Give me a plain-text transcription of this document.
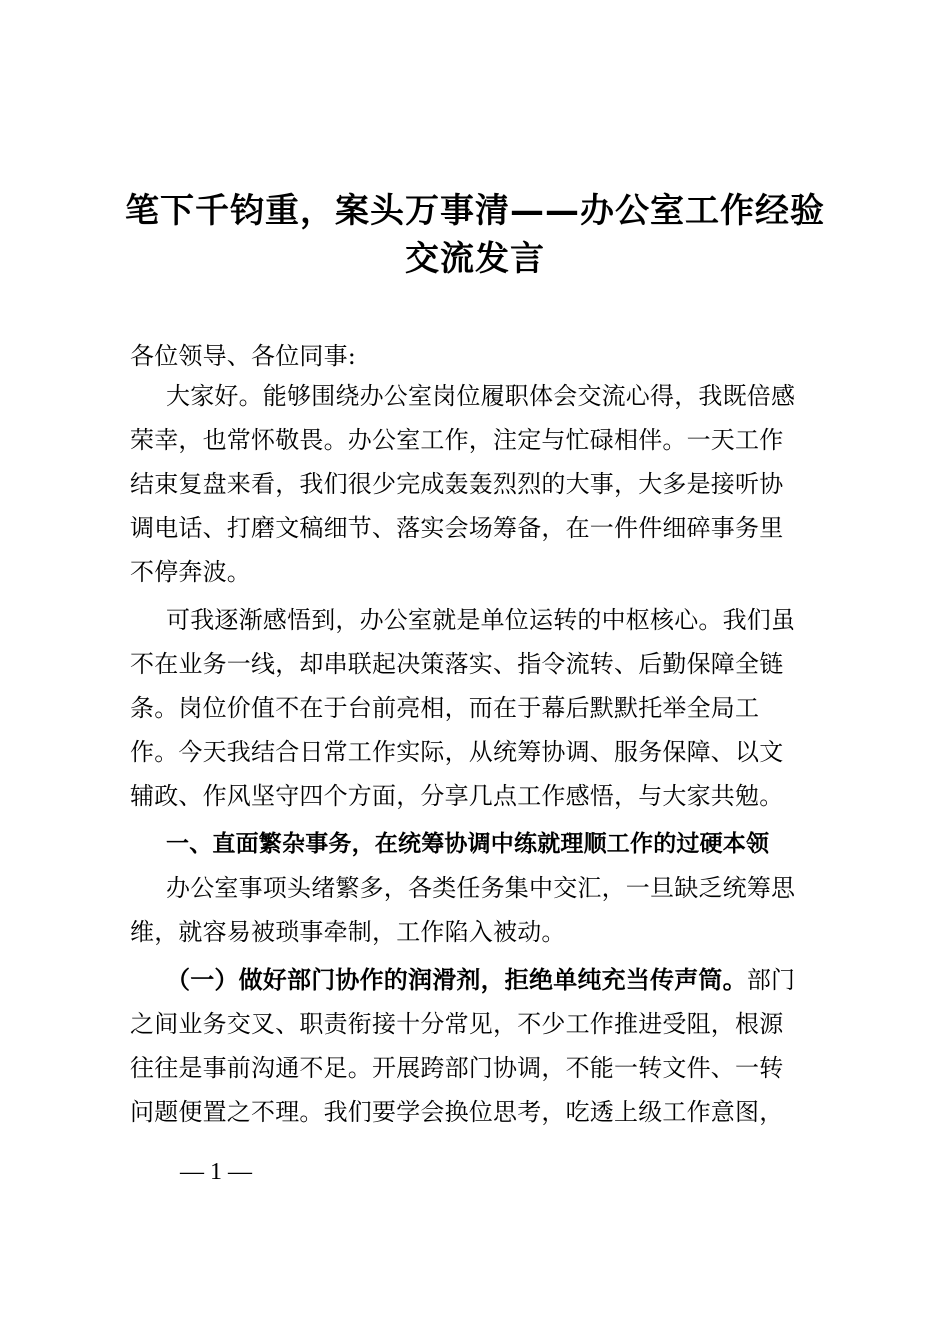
笔下千钧重，案头万事清——办公室工作经验
交流发言

各位领导、各位同事:

大家好。能够围绕办公室岗位履职体会交流心得，我既倍感

荣幸，也常怀敬畏。办公室工作，注定与忙碌相伴。一天工作

结束复盘来看，我们很少完成轰轰烈烈的大事，大多是接听协

调电话、打磨文稿细节、落实会场筹备，在一件件细碎事务里

不停奔波。

可我逐渐感悟到，办公室就是单位运转的中枢核心。我们虽

不在业务一线，却串联起决策落实、指令流转、后勤保障全链

条。岗位价值不在于台前亮相，而在于幕后默默托举全局工

作。今天我结合日常工作实际，从统筹协调、服务保障、以文

辅政、作风坚守四个方面，分享几点工作感悟，与大家共勉。

一、直面繁杂事务，在统筹协调中练就理顺工作的过硬本领

办公室事项头绪繁多，各类任务集中交汇，一旦缺乏统筹思

维，就容易被琐事牵制，工作陷入被动。

（一）做好部门协作的润滑剂，拒绝单纯充当传声筒。部门

之间业务交叉、职责衔接十分常见，不少工作推进受阻，根源

往往是事前沟通不足。开展跨部门协调，不能一转文件、一转

问题便置之不理。我们要学会换位思考，吃透上级工作意图，

— 1 —
